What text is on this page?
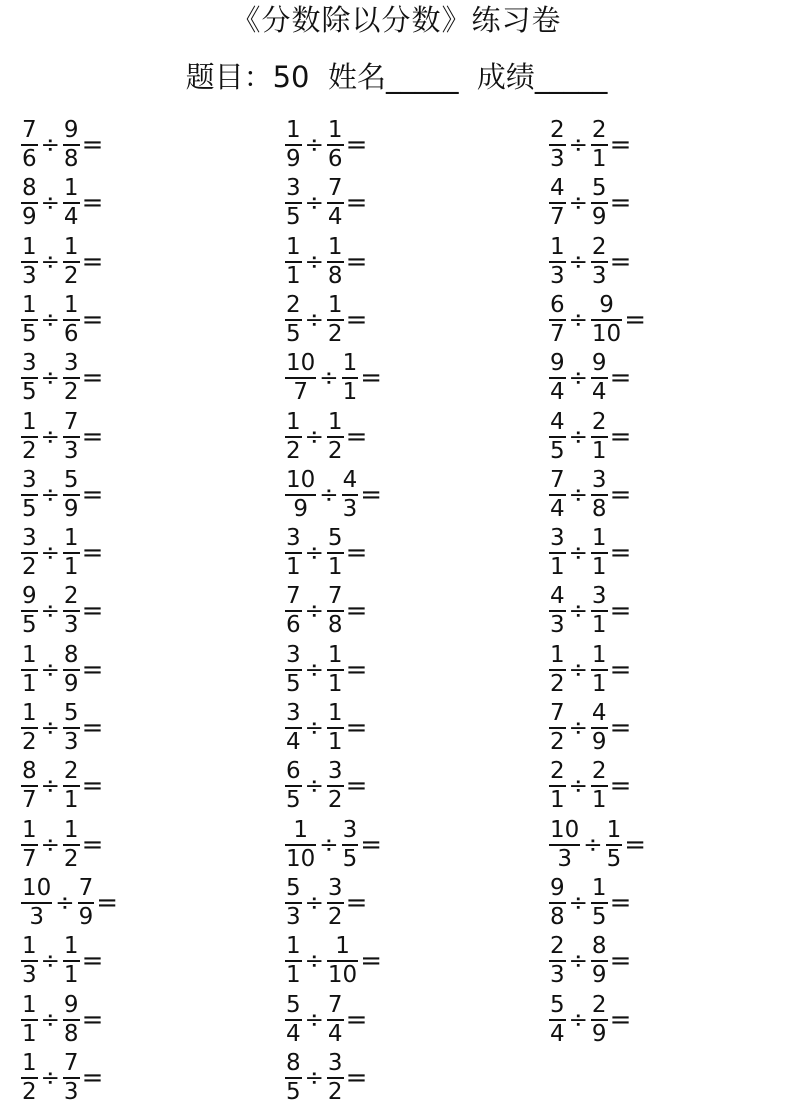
《分数除以分数》练习卷
题目：50  姓名_____  成绩_____
$\frac{7}{6} \div \frac{9}{8}$ =
$\frac{8}{9} \div \frac{1}{4}$ =
$\frac{1}{3} \div \frac{1}{2}$ =
$\frac{1}{5} \div \frac{1}{6}$ =
$\frac{3}{5} \div \frac{3}{2}$ =
$\frac{1}{2} \div \frac{7}{3}$ =
$\frac{3}{5} \div \frac{5}{9}$ =
$\frac{3}{2} \div \frac{1}{1}$ =
$\frac{9}{5} \div \frac{2}{3}$ =
$\frac{1}{1} \div \frac{8}{9}$ =
$\frac{1}{2} \div \frac{5}{3}$ =
$\frac{8}{7} \div \frac{2}{1}$ =
$\frac{1}{7} \div \frac{1}{2}$ =
$\frac{10}{3} \div \frac{7}{9}$ =
$\frac{1}{3} \div \frac{1}{1}$ =
$\frac{1}{1} \div \frac{9}{8}$ =
$\frac{1}{2} \div \frac{7}{3}$ =
$\frac{1}{9} \div \frac{1}{6}$ =
$\frac{3}{5} \div \frac{7}{4}$ =
$\frac{1}{1} \div \frac{1}{8}$ =
$\frac{2}{5} \div \frac{1}{2}$ =
$\frac{10}{7} \div \frac{1}{1}$ =
$\frac{1}{2} \div \frac{1}{2}$ =
$\frac{10}{9} \div \frac{4}{3}$ =
$\frac{3}{1} \div \frac{5}{1}$ =
$\frac{7}{6} \div \frac{7}{8}$ =
$\frac{3}{5} \div \frac{1}{1}$ =
$\frac{3}{4} \div \frac{1}{1}$ =
$\frac{6}{5} \div \frac{3}{2}$ =
$\frac{1}{10} \div \frac{3}{5}$ =
$\frac{5}{3} \div \frac{3}{2}$ =
$\frac{1}{1} \div \frac{1}{10}$ =
$\frac{5}{4} \div \frac{7}{4}$ =
$\frac{8}{5} \div \frac{3}{2}$ =
$\frac{2}{3} \div \frac{2}{1}$ =
$\frac{4}{7} \div \frac{5}{9}$ =
$\frac{1}{3} \div \frac{2}{3}$ =
$\frac{6}{7} \div \frac{9}{10}$ =
$\frac{9}{4} \div \frac{9}{4}$ =
$\frac{4}{5} \div \frac{2}{1}$ =
$\frac{7}{4} \div \frac{3}{8}$ =
$\frac{3}{1} \div \frac{1}{1}$ =
$\frac{4}{3} \div \frac{3}{1}$ =
$\frac{1}{2} \div \frac{1}{1}$ =
$\frac{7}{2} \div \frac{4}{9}$ =
$\frac{2}{1} \div \frac{2}{1}$ =
$\frac{10}{3} \div \frac{1}{5}$ =
$\frac{9}{8} \div \frac{1}{5}$ =
$\frac{2}{3} \div \frac{8}{9}$ =
$\frac{5}{4} \div \frac{2}{9}$ =
